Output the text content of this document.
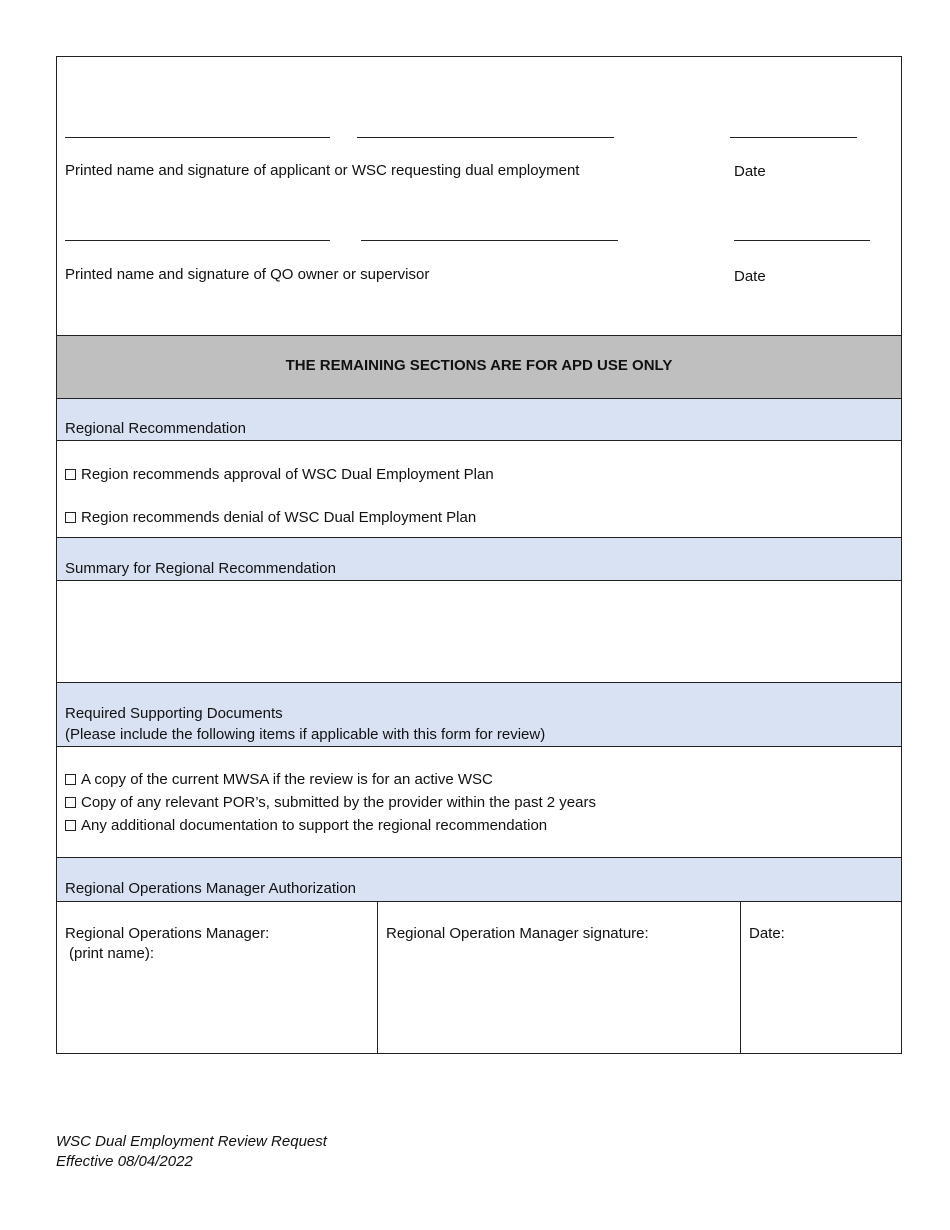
Printed name and signature of applicant or WSC requesting dual employment	Date
Printed name and signature of QO owner or supervisor	Date
THE REMAINING SECTIONS ARE FOR APD USE ONLY
Regional Recommendation
Region recommends approval of WSC Dual Employment Plan
Region recommends denial of WSC Dual Employment Plan
Summary for Regional Recommendation
Required Supporting Documents
(Please include the following items if applicable with this form for review)
A copy of the current MWSA if the review is for an active WSC
Copy of any relevant POR’s, submitted by the provider within the past 2 years
Any additional documentation to support the regional recommendation
Regional Operations Manager Authorization
Regional Operations Manager:
(print name):
Regional Operation Manager signature:	Date:
WSC Dual Employment Review Request
Effective 08/04/2022
